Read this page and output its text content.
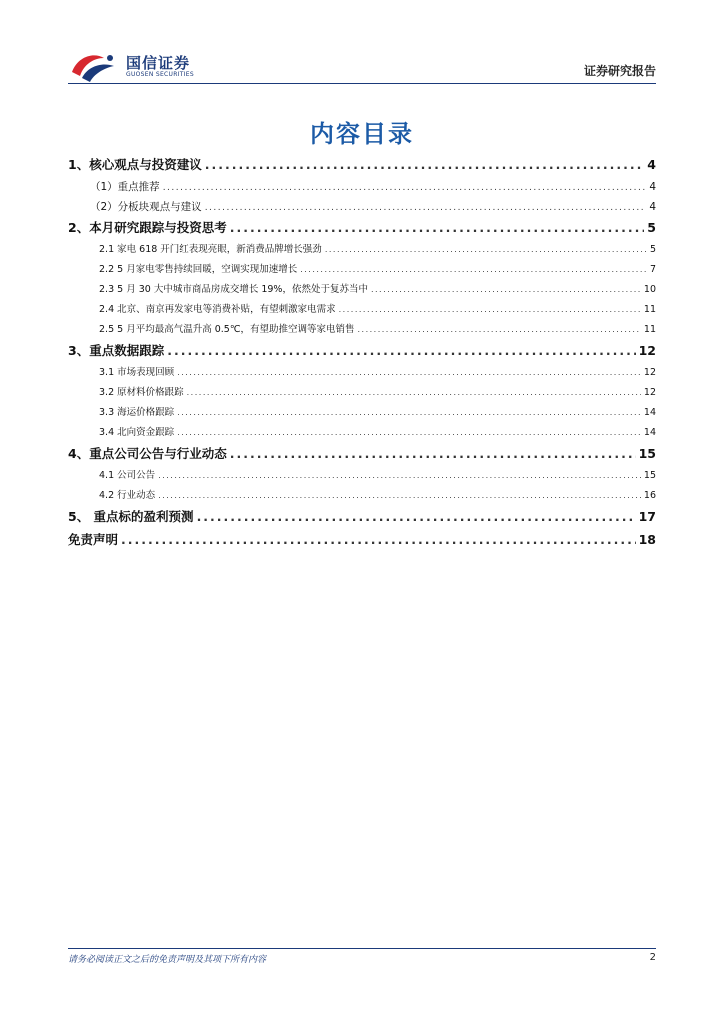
国信证券
GUOSEN SECURITIES	证券研究报告
内容目录
1、核心观点与投资建议 .....	4
（1）重点推荐 .....	4
（2）分板块观点与建议 .....	4
2、本月研究跟踪与投资思考 .....	5
2.1 家电 618 开门红表现亮眼，新消费品牌增长强劲 .....	5
2.2 5 月家电零售持续回暖，空调实现加速增长 .....	7
2.3 5 月 30 大中城市商品房成交增长 19%，依然处于复苏当中 .....	10
2.4 北京、南京再发家电等消费补贴，有望刺激家电需求 .....	11
2.5 5 月平均最高气温升高 0.5℃，有望助推空调等家电销售 .....	11
3、重点数据跟踪 .....	12
3.1 市场表现回顾 .....	12
3.2 原材料价格跟踪 .....	12
3.3 海运价格跟踪 .....	14
3.4 北向资金跟踪 .....	14
4、重点公司公告与行业动态 .....	15
4.1 公司公告 .....	15
4.2 行业动态 .....	16
5、 重点标的盈利预测 .....	17
免责声明 .....	18
请务必阅读正文之后的免责声明及其项下所有内容	2
